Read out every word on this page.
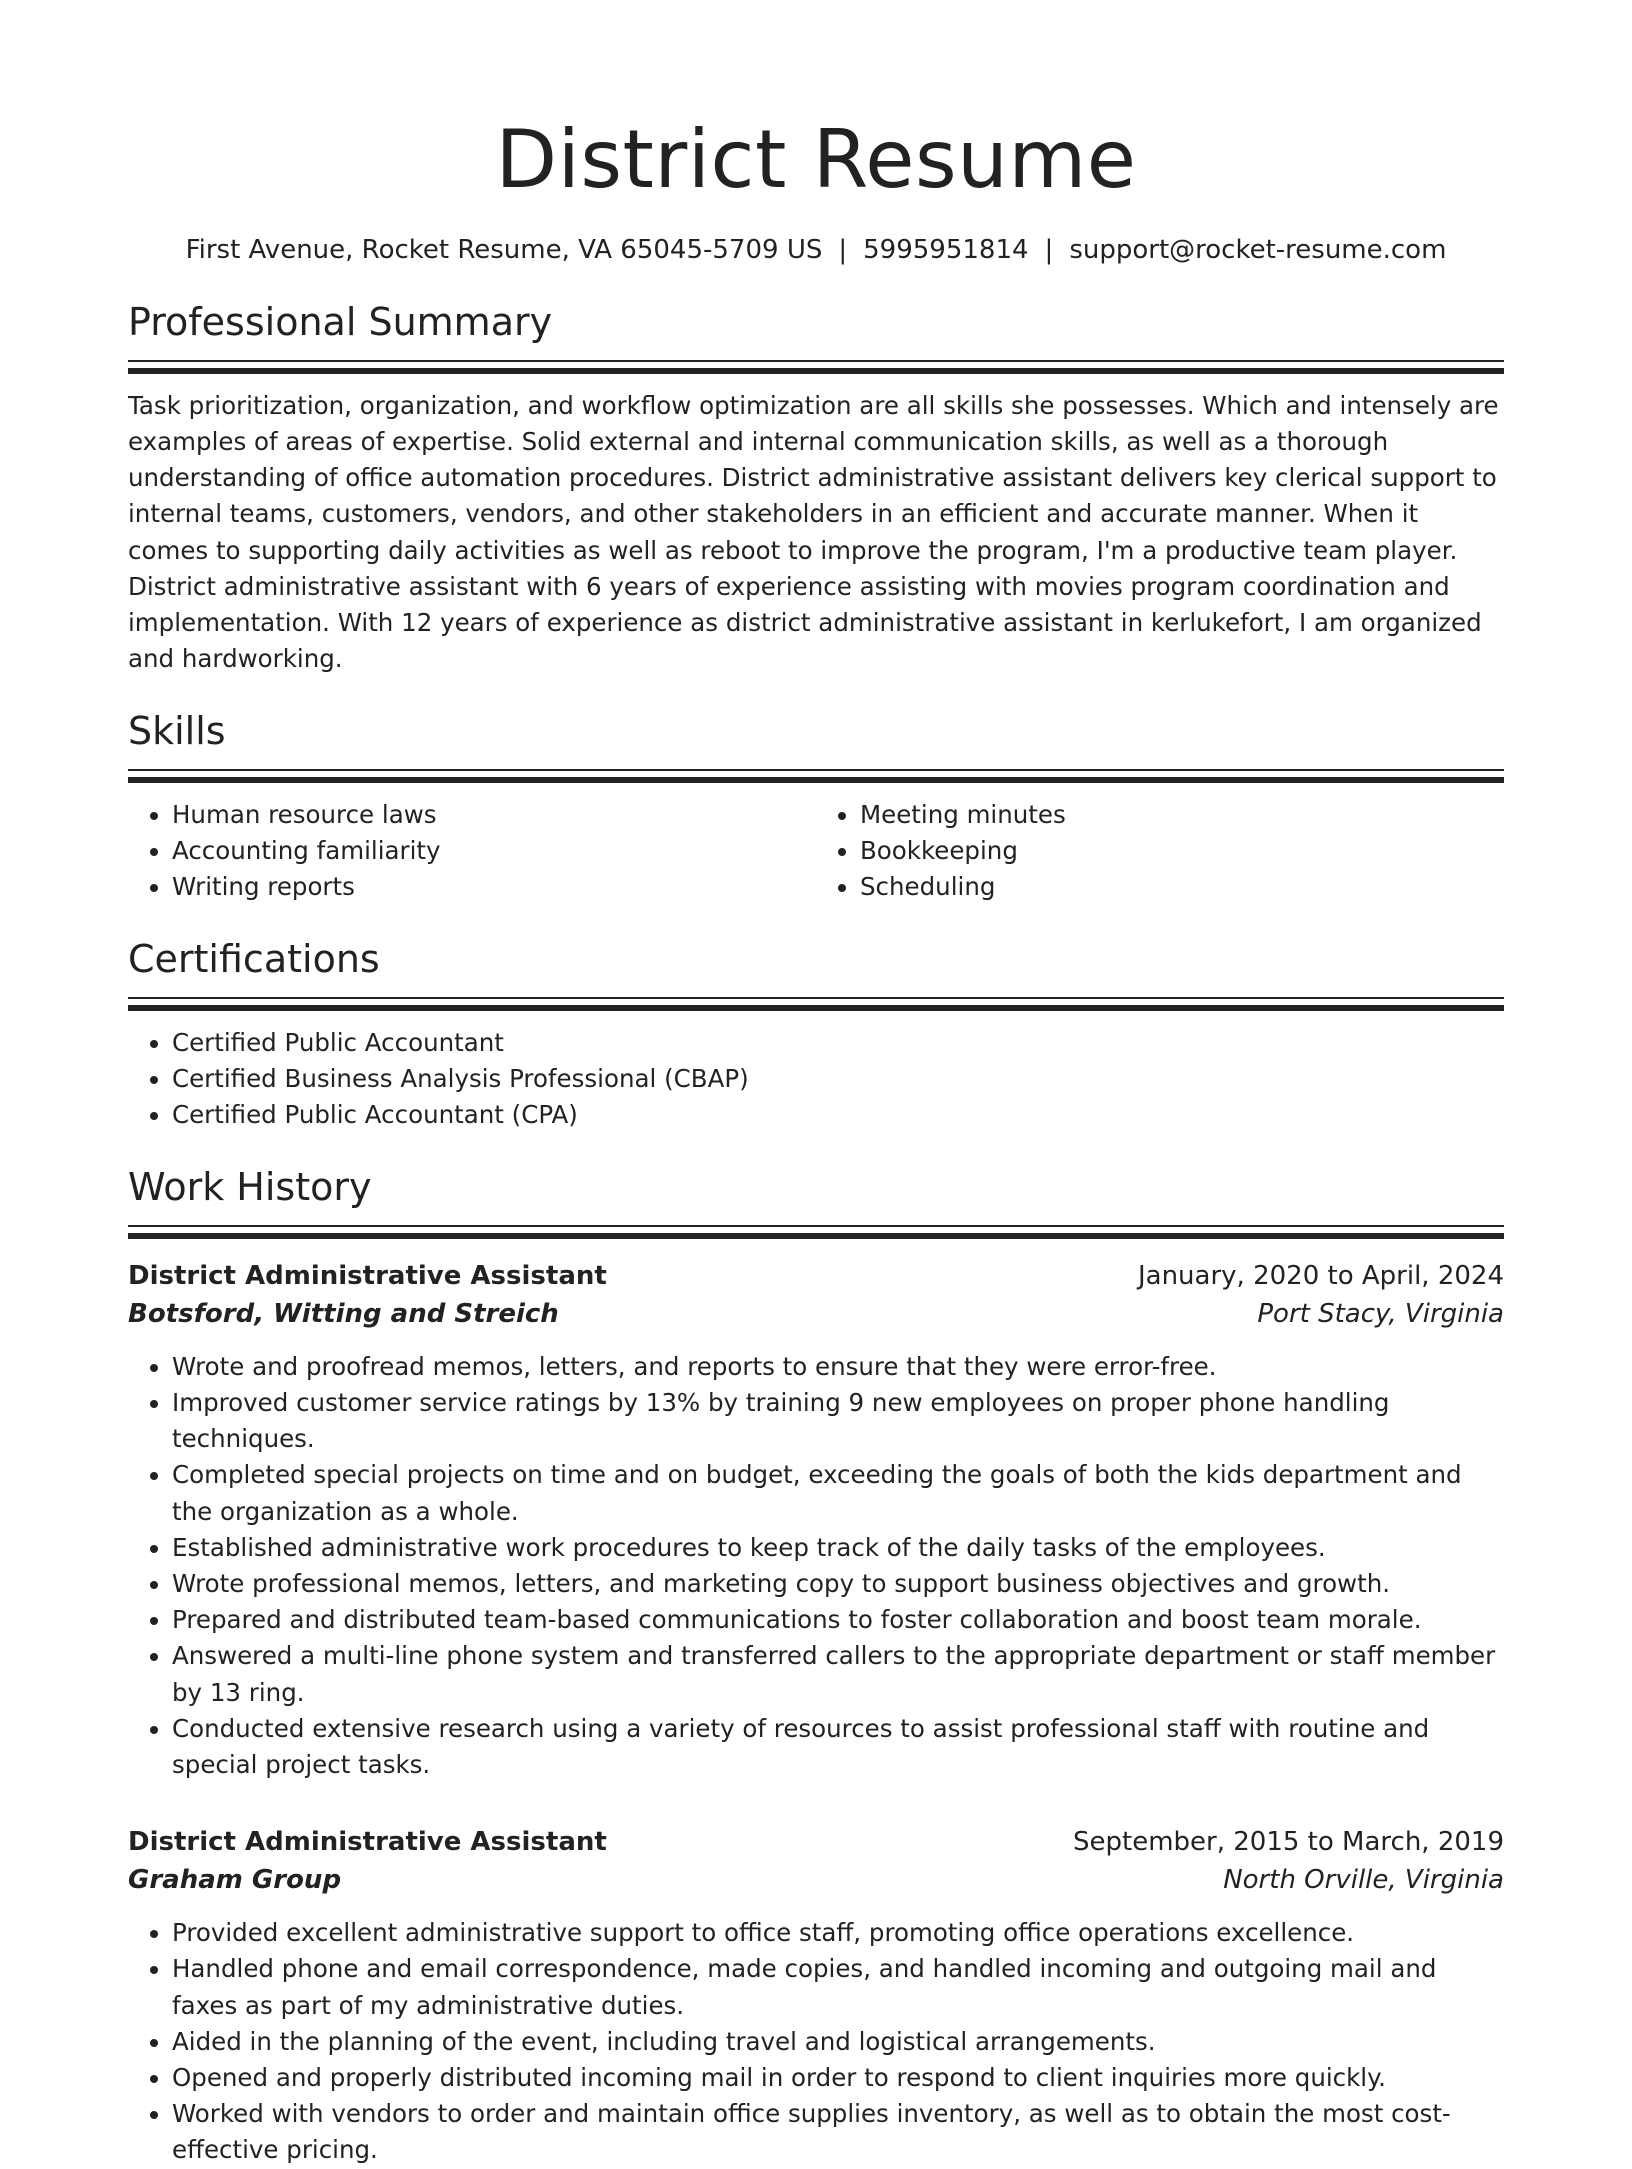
District Resume
First Avenue, Rocket Resume, VA 65045-5709 US | 5995951814 | support@rocket-resume.com
Professional Summary

Task prioritization, organization, and workflow optimization are all skills she possesses. Which and intensely are examples of areas of expertise. Solid external and internal communication skills, as well as a thorough understanding of office automation procedures. District administrative assistant delivers key clerical support to internal teams, customers, vendors, and other stakeholders in an efficient and accurate manner. When it comes to supporting daily activities as well as reboot to improve the program, I'm a productive team player. District administrative assistant with 6 years of experience assisting with movies program coordination and implementation. With 12 years of experience as district administrative assistant in kerlukefort, I am organized and hardworking.

Skills
• Human resource laws
• Accounting familiarity
• Writing reports
• Meeting minutes
• Bookkeeping
• Scheduling
Certifications
• Certified Public Accountant
• Certified Business Analysis Professional (CBAP)
• Certified Public Accountant (CPA)
Work History
District Administrative Assistant	January, 2020 to April, 2024
Botsford, Witting and Streich	Port Stacy, Virginia
• Wrote and proofread memos, letters, and reports to ensure that they were error-free.
• Improved customer service ratings by 13% by training 9 new employees on proper phone handling techniques.
• Completed special projects on time and on budget, exceeding the goals of both the kids department and the organization as a whole.
• Established administrative work procedures to keep track of the daily tasks of the employees.
• Wrote professional memos, letters, and marketing copy to support business objectives and growth.
• Prepared and distributed team-based communications to foster collaboration and boost team morale.
• Answered a multi-line phone system and transferred callers to the appropriate department or staff member by 13 ring.
• Conducted extensive research using a variety of resources to assist professional staff with routine and special project tasks.
District Administrative Assistant	September, 2015 to March, 2019
Graham Group	North Orville, Virginia
• Provided excellent administrative support to office staff, promoting office operations excellence.
• Handled phone and email correspondence, made copies, and handled incoming and outgoing mail and faxes as part of my administrative duties.
• Aided in the planning of the event, including travel and logistical arrangements.
• Opened and properly distributed incoming mail in order to respond to client inquiries more quickly.
• Worked with vendors to order and maintain office supplies inventory, as well as to obtain the most cost-effective pricing.
